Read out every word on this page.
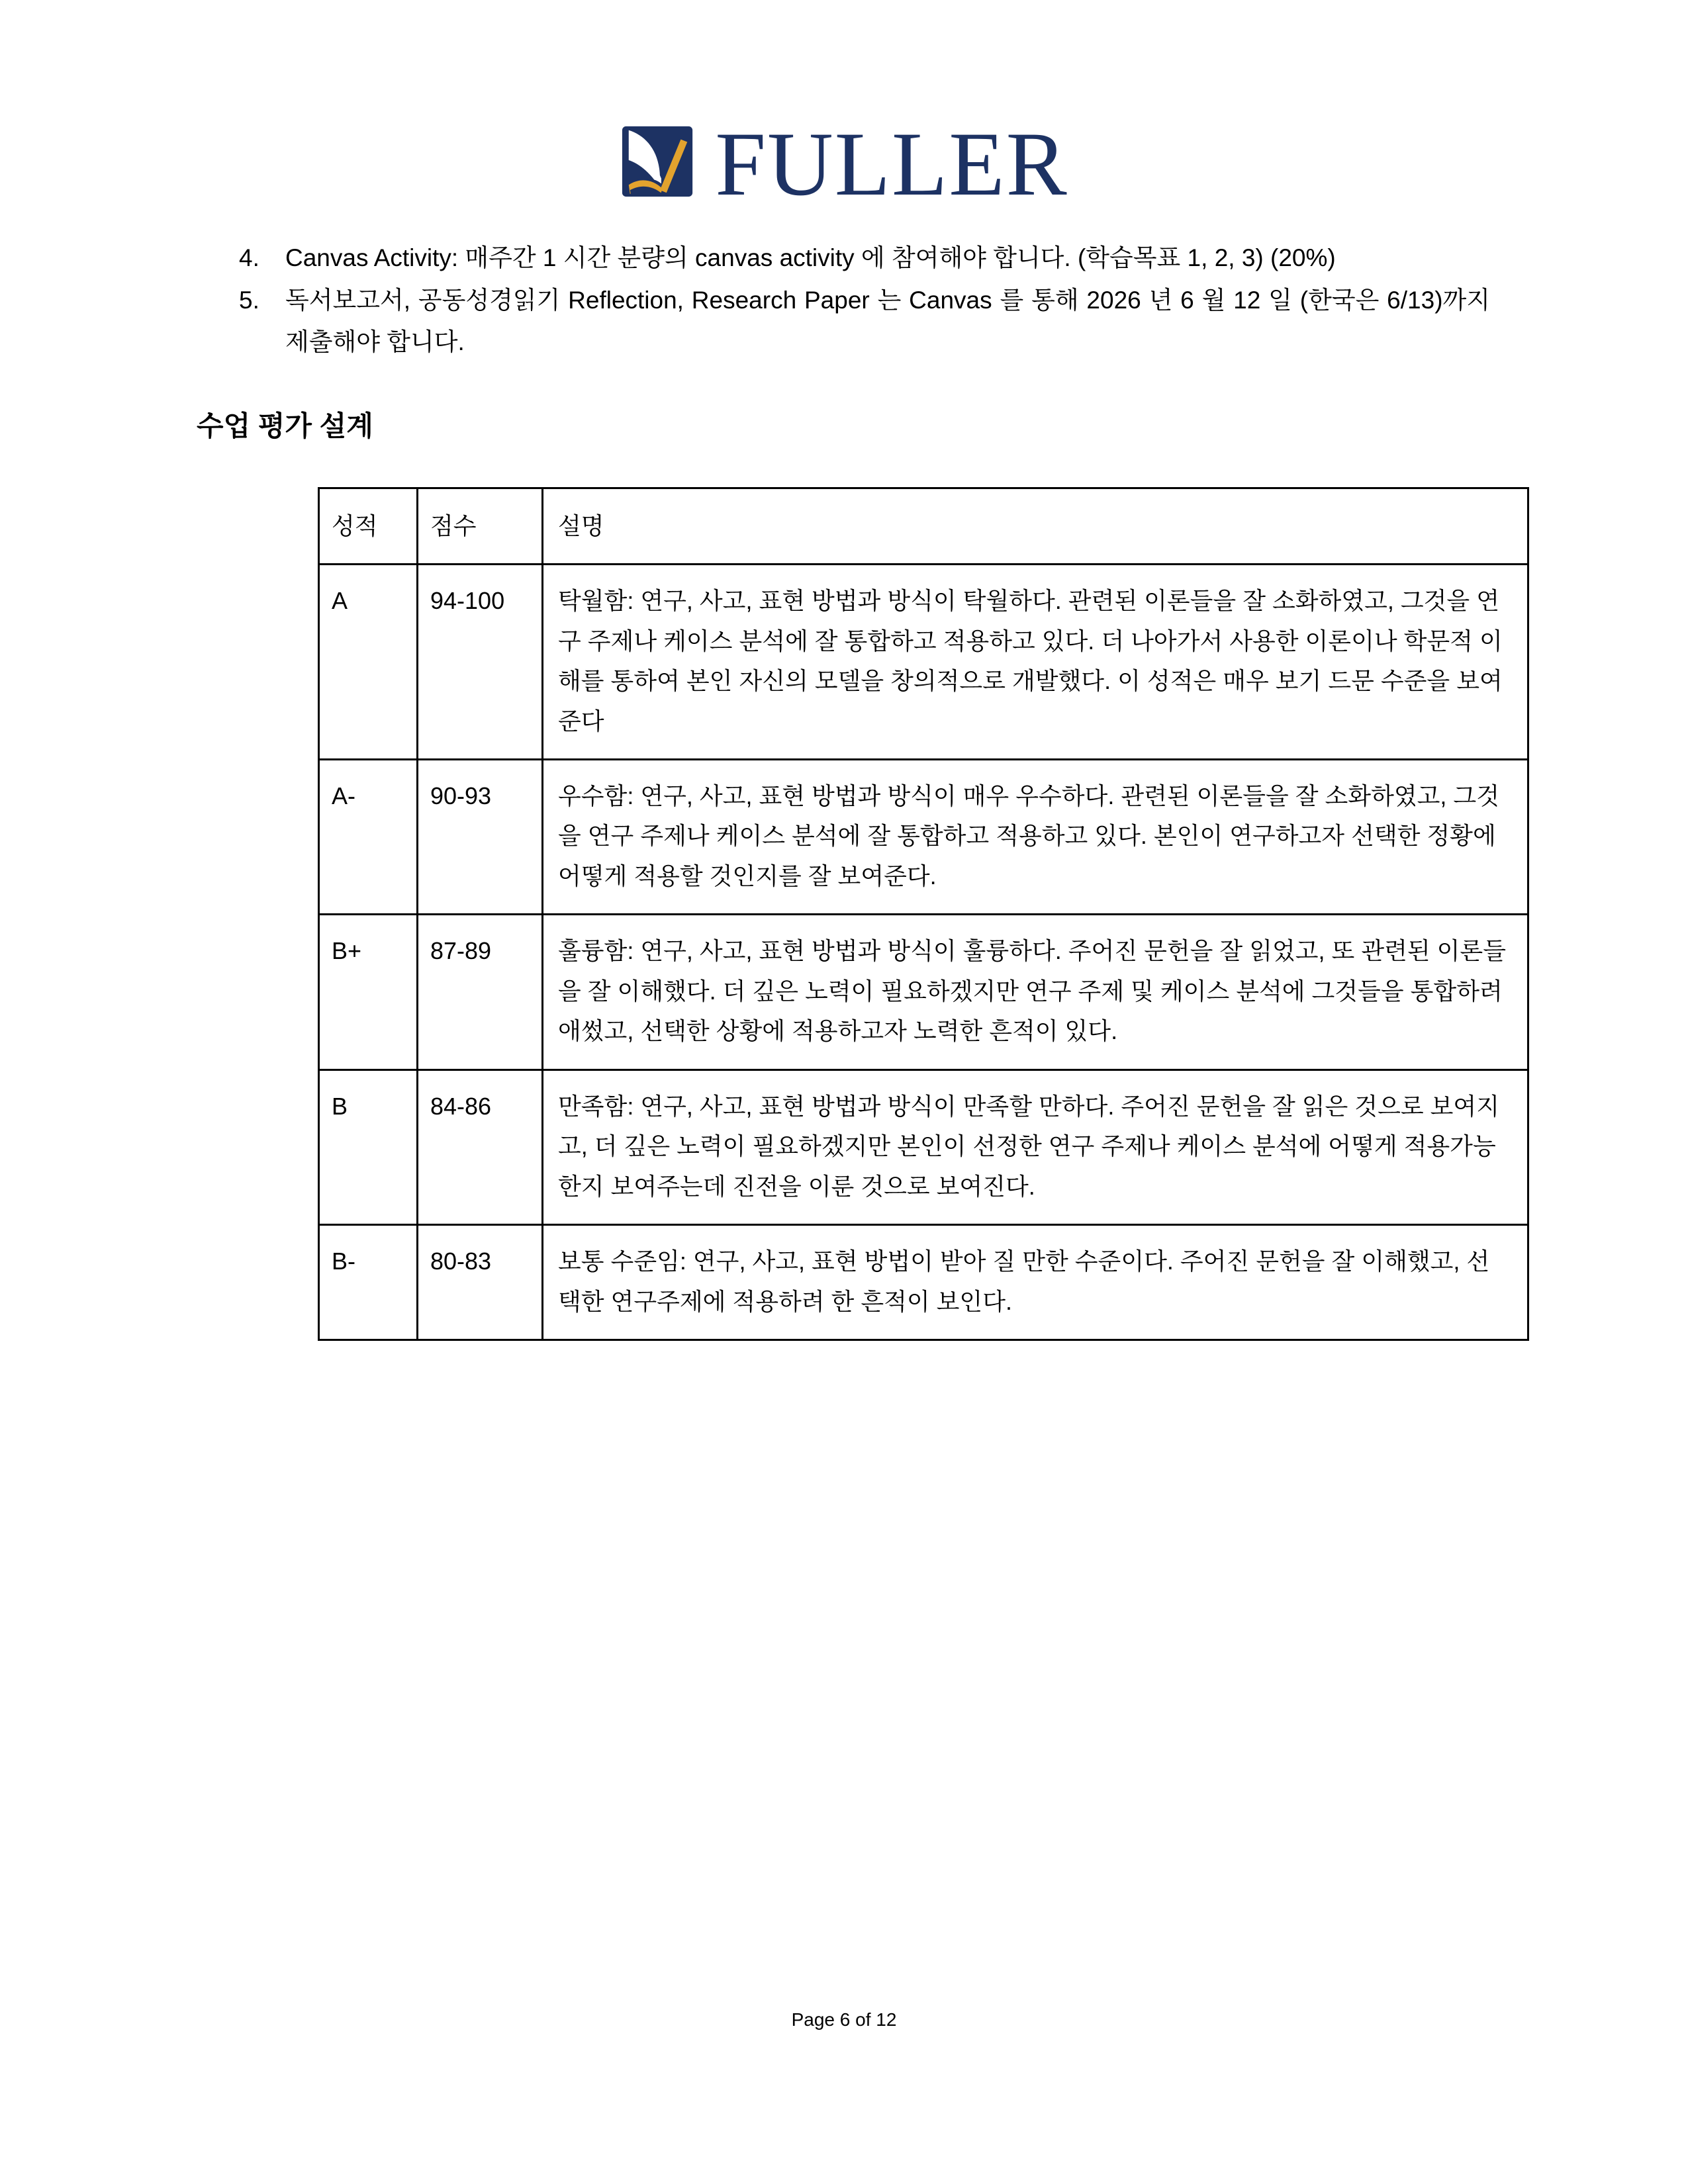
FULLER
4.	Canvas Activity: 매주간 1 시간 분량의 canvas activity 에 참여해야 합니다. (학습목표 1, 2, 3) (20%)
5.	독서보고서, 공동성경읽기 Reflection, Research Paper 는 Canvas 를 통해 2026 년 6 월 12 일 (한국은 6/13)까지 제출해야 합니다.
수업 평가 설계
성적	점수	설명
A	94-100	탁월함: 연구, 사고, 표현 방법과 방식이 탁월하다. 관련된 이론들을 잘 소화하였고, 그것을 연구 주제나 케이스 분석에 잘 통합하고 적용하고 있다. 더 나아가서 사용한 이론이나 학문적 이해를 통하여 본인 자신의 모델을 창의적으로 개발했다. 이 성적은 매우 보기 드문 수준을 보여준다
A-	90-93	우수함: 연구, 사고, 표현 방법과 방식이 매우 우수하다. 관련된 이론들을 잘 소화하였고, 그것을 연구 주제나 케이스 분석에 잘 통합하고 적용하고 있다. 본인이 연구하고자 선택한 정황에 어떻게 적용할 것인지를 잘 보여준다.
B+	87-89	훌륭함: 연구, 사고, 표현 방법과 방식이 훌륭하다. 주어진 문헌을 잘 읽었고, 또 관련된 이론들을 잘 이해했다. 더 깊은 노력이 필요하겠지만 연구 주제 및 케이스 분석에 그것들을 통합하려 애썼고, 선택한 상황에 적용하고자 노력한 흔적이 있다.
B	84-86	만족함: 연구, 사고, 표현 방법과 방식이 만족할 만하다. 주어진 문헌을 잘 읽은 것으로 보여지고, 더 깊은 노력이 필요하겠지만 본인이 선정한 연구 주제나 케이스 분석에 어떻게 적용가능한지 보여주는데 진전을 이룬 것으로 보여진다.
B-	80-83	보통 수준임: 연구, 사고, 표현 방법이 받아 질 만한 수준이다. 주어진 문헌을 잘 이해했고, 선택한 연구주제에 적용하려 한 흔적이 보인다.
Page 6 of 12
